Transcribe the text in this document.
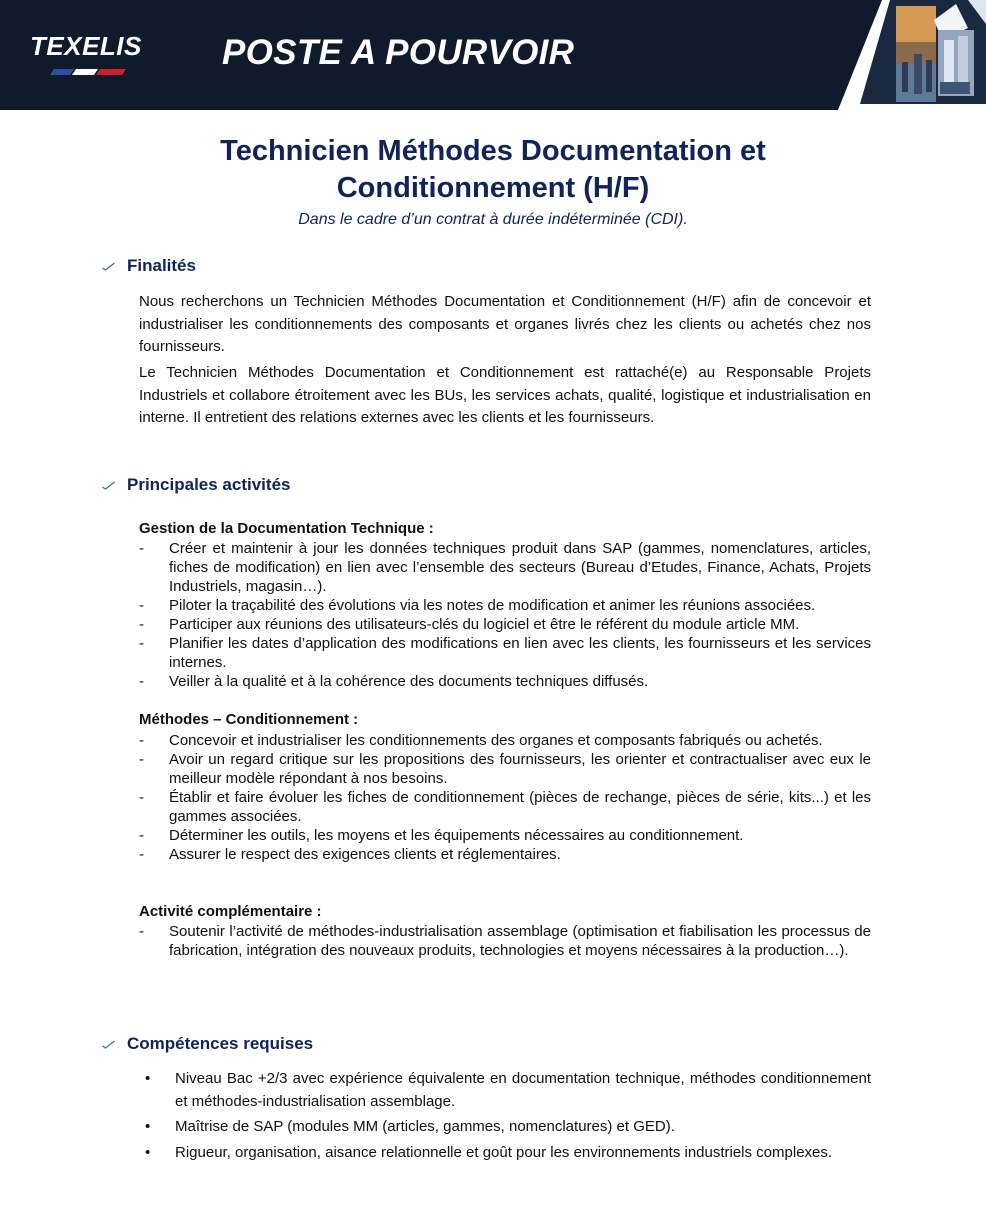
TEXELIS POSTE A POURVOIR
Technicien Méthodes Documentation et
Conditionnement (H/F)
Dans le cadre d’un contrat à durée indéterminée (CDI).
Finalités

Nous recherchons un Technicien Méthodes Documentation et Conditionnement (H/F) afin de concevoir et industrialiser les conditionnements des composants et organes livrés chez les clients ou achetés chez nos fournisseurs.

Le Technicien Méthodes Documentation et Conditionnement est rattaché(e) au Responsable Projets Industriels et collabore étroitement avec les BUs, les services achats, qualité, logistique et industrialisation en interne. Il entretient des relations externes avec les clients et les fournisseurs.

Principales activités
Gestion de la Documentation Technique :
- Créer et maintenir à jour les données techniques produit dans SAP (gammes, nomenclatures, articles, fiches de modification) en lien avec l’ensemble des secteurs (Bureau d’Etudes, Finance, Achats, Projets Industriels, magasin…).
- Piloter la traçabilité des évolutions via les notes de modification et animer les réunions associées.
- Participer aux réunions des utilisateurs-clés du logiciel et être le référent du module article MM.
- Planifier les dates d’application des modifications en lien avec les clients, les fournisseurs et les services internes.
- Veiller à la qualité et à la cohérence des documents techniques diffusés.
Méthodes – Conditionnement :
- Concevoir et industrialiser les conditionnements des organes et composants fabriqués ou achetés.
- Avoir un regard critique sur les propositions des fournisseurs, les orienter et contractualiser avec eux le meilleur modèle répondant à nos besoins.
- Établir et faire évoluer les fiches de conditionnement (pièces de rechange, pièces de série, kits...) et les gammes associées.
- Déterminer les outils, les moyens et les équipements nécessaires au conditionnement.
- Assurer le respect des exigences clients et réglementaires.
Activité complémentaire :
- Soutenir l’activité de méthodes-industrialisation assemblage (optimisation et fiabilisation les processus de fabrication, intégration des nouveaux produits, technologies et moyens nécessaires à la production…).
Compétences requises
• Niveau Bac +2/3 avec expérience équivalente en documentation technique, méthodes conditionnement et méthodes-industrialisation assemblage.
• Maîtrise de SAP (modules MM (articles, gammes, nomenclatures) et GED).
• Rigueur, organisation, aisance relationnelle et goût pour les environnements industriels complexes.
